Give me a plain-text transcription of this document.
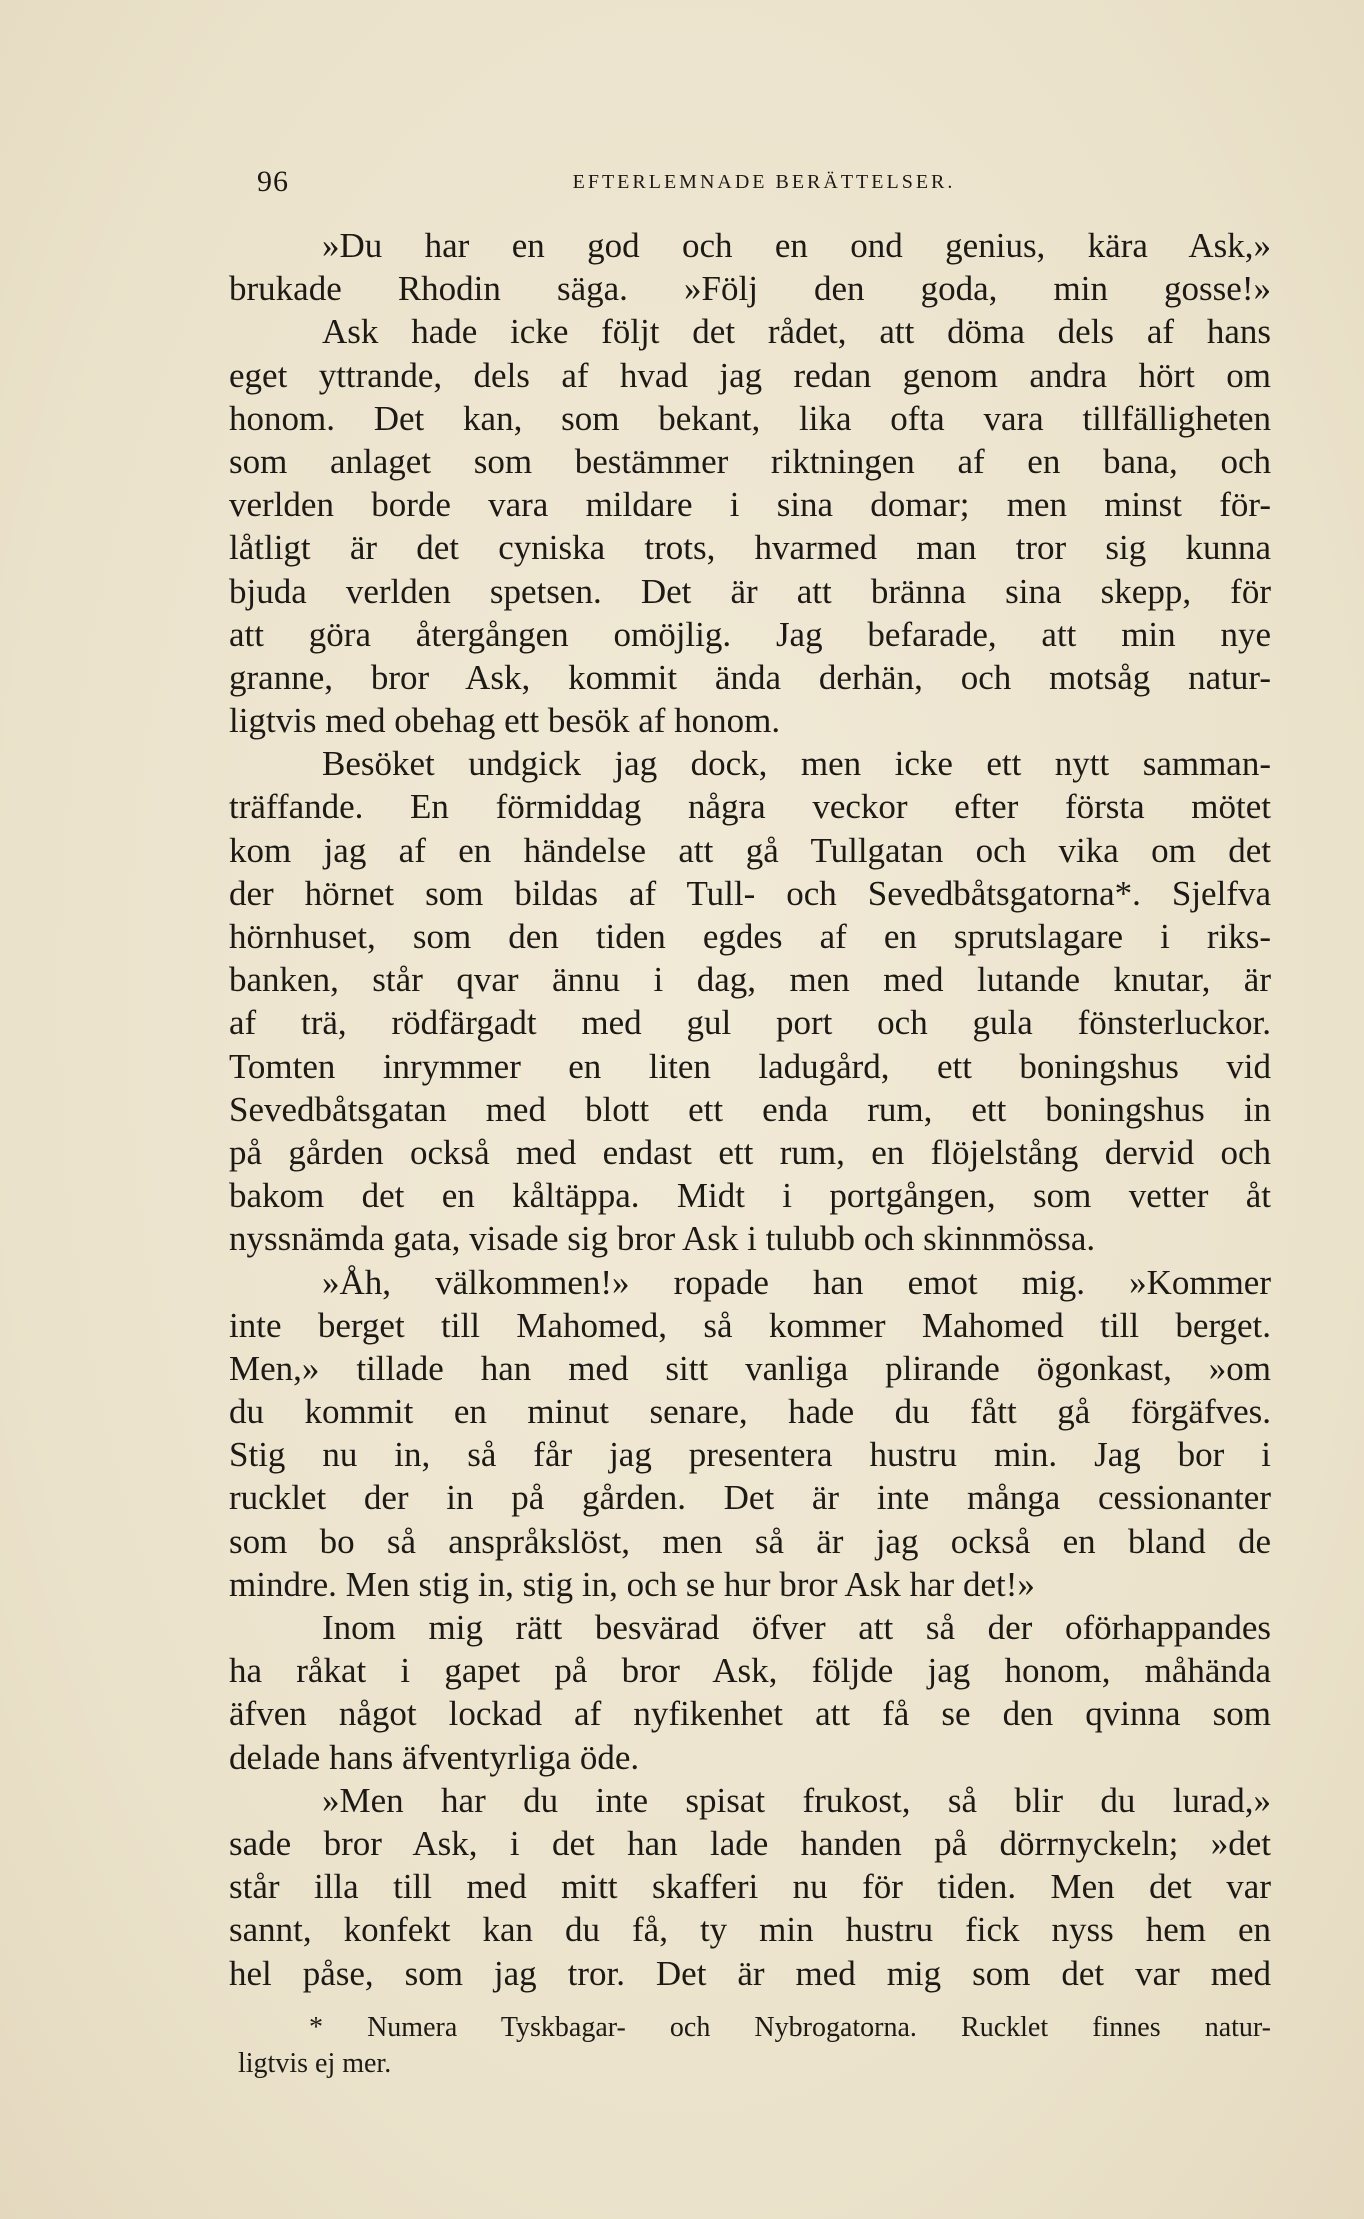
96	EFTERLEMNADE BERÄTTELSER.
»Du har en god och en ond genius, kära Ask,»
brukade Rhodin säga. »Följ den goda, min gosse!»
Ask hade icke följt det rådet, att döma dels af hans
eget yttrande, dels af hvad jag redan genom andra hört om
honom. Det kan, som bekant, lika ofta vara tillfälligheten
som anlaget som bestämmer riktningen af en bana, och
verlden borde vara mildare i sina domar; men minst för-
låtligt är det cyniska trots, hvarmed man tror sig kunna
bjuda verlden spetsen. Det är att bränna sina skepp, för
att göra återgången omöjlig. Jag befarade, att min nye
granne, bror Ask, kommit ända derhän, och motsåg natur-
ligtvis med obehag ett besök af honom.
Besöket undgick jag dock, men icke ett nytt samman-
träffande. En förmiddag några veckor efter första mötet
kom jag af en händelse att gå Tullgatan och vika om det
der hörnet som bildas af Tull- och Sevedbåtsgatorna*. Sjelfva
hörnhuset, som den tiden egdes af en sprutslagare i riks-
banken, står qvar ännu i dag, men med lutande knutar, är
af trä, rödfärgadt med gul port och gula fönsterluckor.
Tomten inrymmer en liten ladugård, ett boningshus vid
Sevedbåtsgatan med blott ett enda rum, ett boningshus in
på gården också med endast ett rum, en flöjelstång dervid och
bakom det en kåltäppa. Midt i portgången, som vetter åt
nyssnämda gata, visade sig bror Ask i tulubb och skinnmössa.
»Åh, välkommen!» ropade han emot mig. »Kommer
inte berget till Mahomed, så kommer Mahomed till berget.
Men,» tillade han med sitt vanliga plirande ögonkast, »om
du kommit en minut senare, hade du fått gå förgäfves.
Stig nu in, så får jag presentera hustru min. Jag bor i
rucklet der in på gården. Det är inte många cessionanter
som bo så anspråkslöst, men så är jag också en bland de
mindre. Men stig in, stig in, och se hur bror Ask har det!»
Inom mig rätt besvärad öfver att så der oförhappandes
ha råkat i gapet på bror Ask, följde jag honom, måhända
äfven något lockad af nyfikenhet att få se den qvinna som
delade hans äfventyrliga öde.
»Men har du inte spisat frukost, så blir du lurad,»
sade bror Ask, i det han lade handen på dörrnyckeln; »det
står illa till med mitt skafferi nu för tiden. Men det var
sannt, konfekt kan du få, ty min hustru fick nyss hem en
hel påse, som jag tror. Det är med mig som det var med
* Numera Tyskbagar- och Nybrogatorna. Rucklet finnes natur-
ligtvis ej mer.
